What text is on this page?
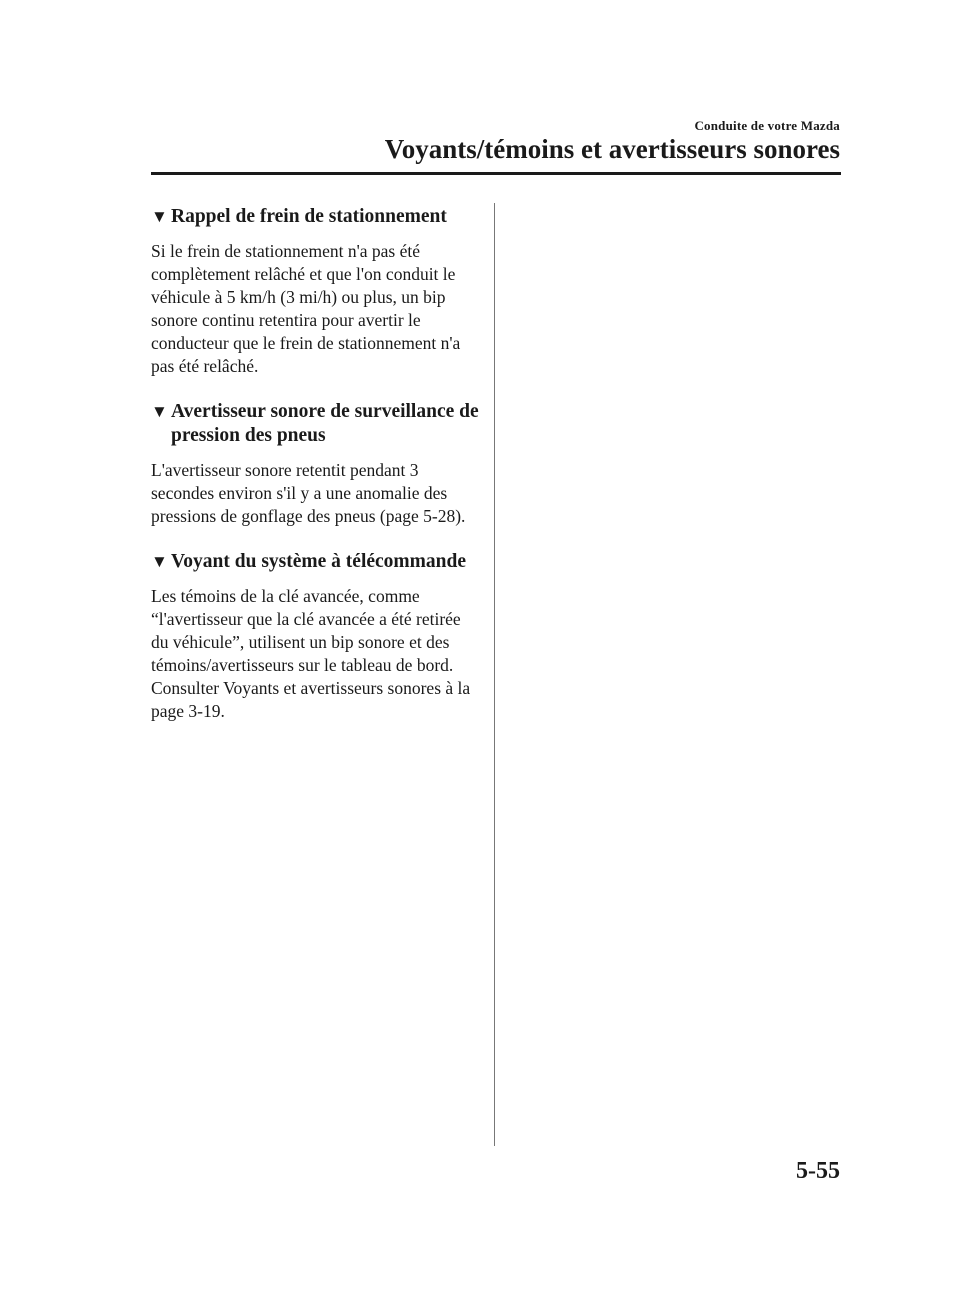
Conduite de votre Mazda
Voyants/témoins et avertisseurs sonores
▼ Rappel de frein de stationnement

Si le frein de stationnement n'a pas été complètement relâché et que l'on conduit le véhicule à 5 km/h (3 mi/h) ou plus, un bip sonore continu retentira pour avertir le conducteur que le frein de stationnement n'a pas été relâché.

▼ Avertisseur sonore de surveillance de pression des pneus

L'avertisseur sonore retentit pendant 3 secondes environ s'il y a une anomalie des pressions de gonflage des pneus (page 5-28).

▼ Voyant du système à télécommande

Les témoins de la clé avancée, comme “l'avertisseur que la clé avancée a été retirée du véhicule”, utilisent un bip sonore et des témoins/avertisseurs sur le tableau de bord.

Consulter Voyants et avertisseurs sonores à la page 3-19.

5-55
